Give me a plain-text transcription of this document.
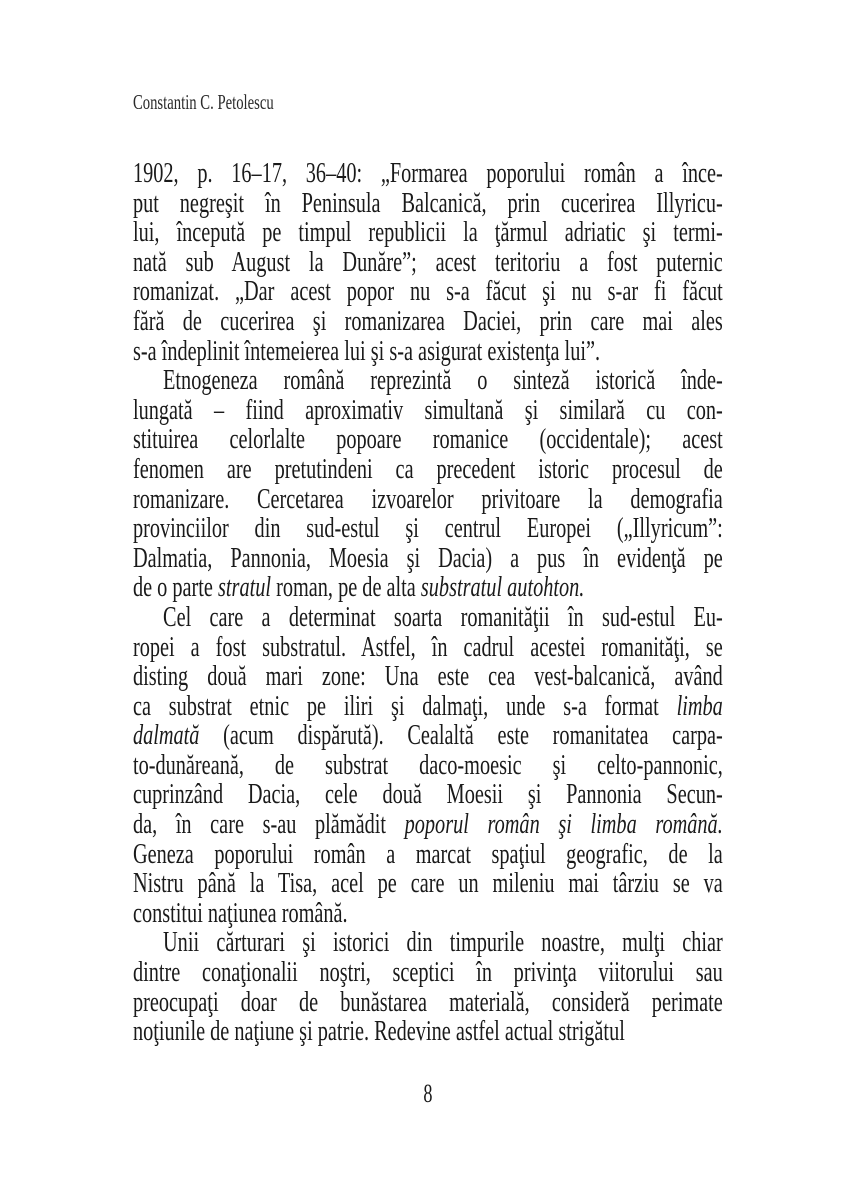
Constantin C. Petolescu
1902, p. 16–17, 36–40: „Formarea poporului român a înce-
put negreşit în Peninsula Balcanică, prin cucerirea Illyricu-
lui, începută pe timpul republicii la ţărmul adriatic şi termi-
nată sub August la Dunăre”; acest teritoriu a fost puternic
romanizat. „Dar acest popor nu s-a făcut şi nu s-ar fi făcut
fără de cucerirea şi romanizarea Daciei, prin care mai ales
s-a îndeplinit întemeierea lui şi s-a asigurat existenţa lui”.
Etnogeneza română reprezintă o sinteză istorică înde-
lungată – fiind aproximativ simultană şi similară cu con-
stituirea celorlalte popoare romanice (occidentale); acest
fenomen are pretutindeni ca precedent istoric procesul de
romanizare. Cercetarea izvoarelor privitoare la demografia
provinciilor din sud-estul şi centrul Europei („Illyricum”:
Dalmatia, Pannonia, Moesia şi Dacia) a pus în evidenţă pe
de o parte stratul roman, pe de alta substratul autohton.
Cel care a determinat soarta romanităţii în sud-estul Eu-
ropei a fost substratul. Astfel, în cadrul acestei romanităţi, se
disting două mari zone: Una este cea vest-balcanică, având
ca substrat etnic pe iliri şi dalmaţi, unde s-a format limba
dalmată (acum dispărută). Cealaltă este romanitatea carpa-
to-dunăreană, de substrat daco-moesic şi celto-pannonic,
cuprinzând Dacia, cele două Moesii şi Pannonia Secun-
da, în care s-au plămădit poporul român şi limba română.
Geneza poporului român a marcat spaţiul geografic, de la
Nistru până la Tisa, acel pe care un mileniu mai târziu se va
constitui naţiunea română.
Unii cărturari şi istorici din timpurile noastre, mulţi chiar
dintre conaţionalii noştri, sceptici în privinţa viitorului sau
preocupaţi doar de bunăstarea materială, consideră perimate
noţiunile de naţiune şi patrie. Redevine astfel actual strigătul
8
